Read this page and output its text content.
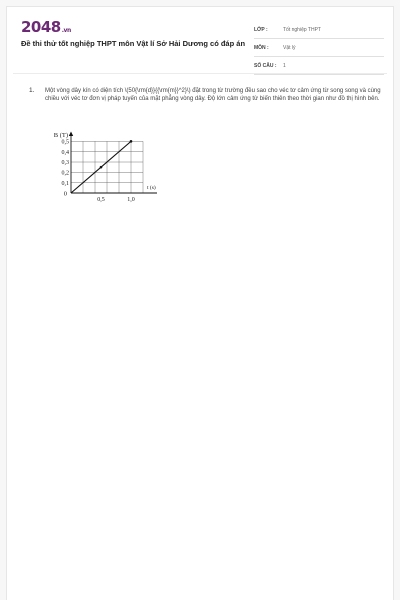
2048.vn
Đề thi thử tốt nghiệp THPT môn Vật lí Sở Hải Dương có đáp án
LỚP :	Tốt nghiệp THPT
MÔN :	Vật lý
SỐ CÂU :	1
1. Một vòng dây kín có diện tích \(50{\rm{d}}{{\rm{m}}^2}\) đặt trong từ trường đều sao cho véc tơ cảm ứng từ song song và cùng chiều với véc tơ đơn vị pháp tuyến của mặt phẳng vòng dây. Độ lớn cảm ứng từ biến thiên theo thời gian như đồ thị hình bên.
B (T)
t (s)
0
0,1
0,2
0,3
0,4
0,5
0,5	1,0
